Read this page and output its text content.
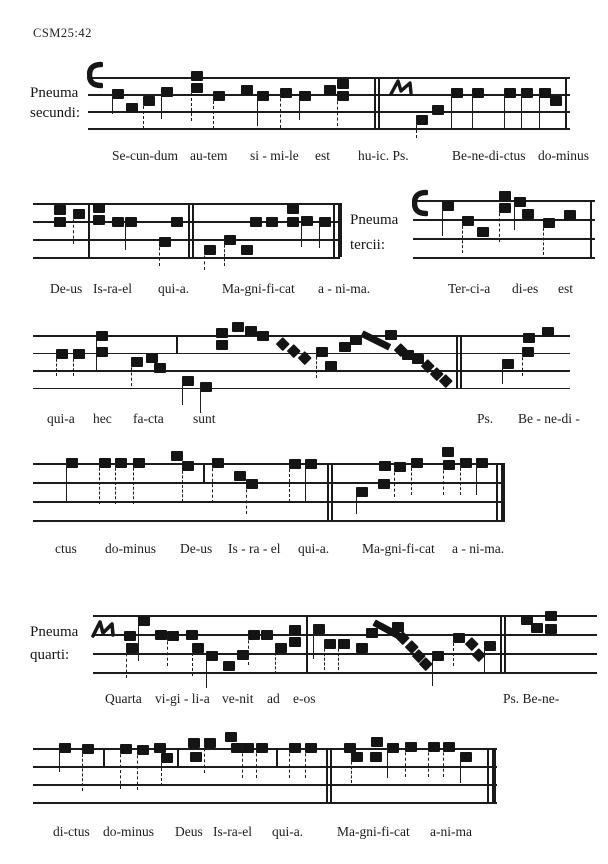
CSM25:42
Pneuma
secundi:
Se-cun-dum au-tem si - mi-le est hu-ic. Ps.	Be-ne-di-ctus do-minus
De-us Is-ra-el qui-a. Ma-gni-fi-cat a - ni-ma.
Pneuma
tercii:
Ter-ci-a di-es est
qui-a hec fa-cta sunt	Ps. Be - ne-di -
ctus do-minus De-us Is - ra - el qui-a. Ma-gni-fi-cat a - ni-ma.
Pneuma
quarti:
Quarta vi-gi - li-a ve-nit ad e-os	Ps. Be-ne-
di-ctus do-minus Deus Is-ra-el qui-a.	Ma-gni-fi-cat a-ni-ma
